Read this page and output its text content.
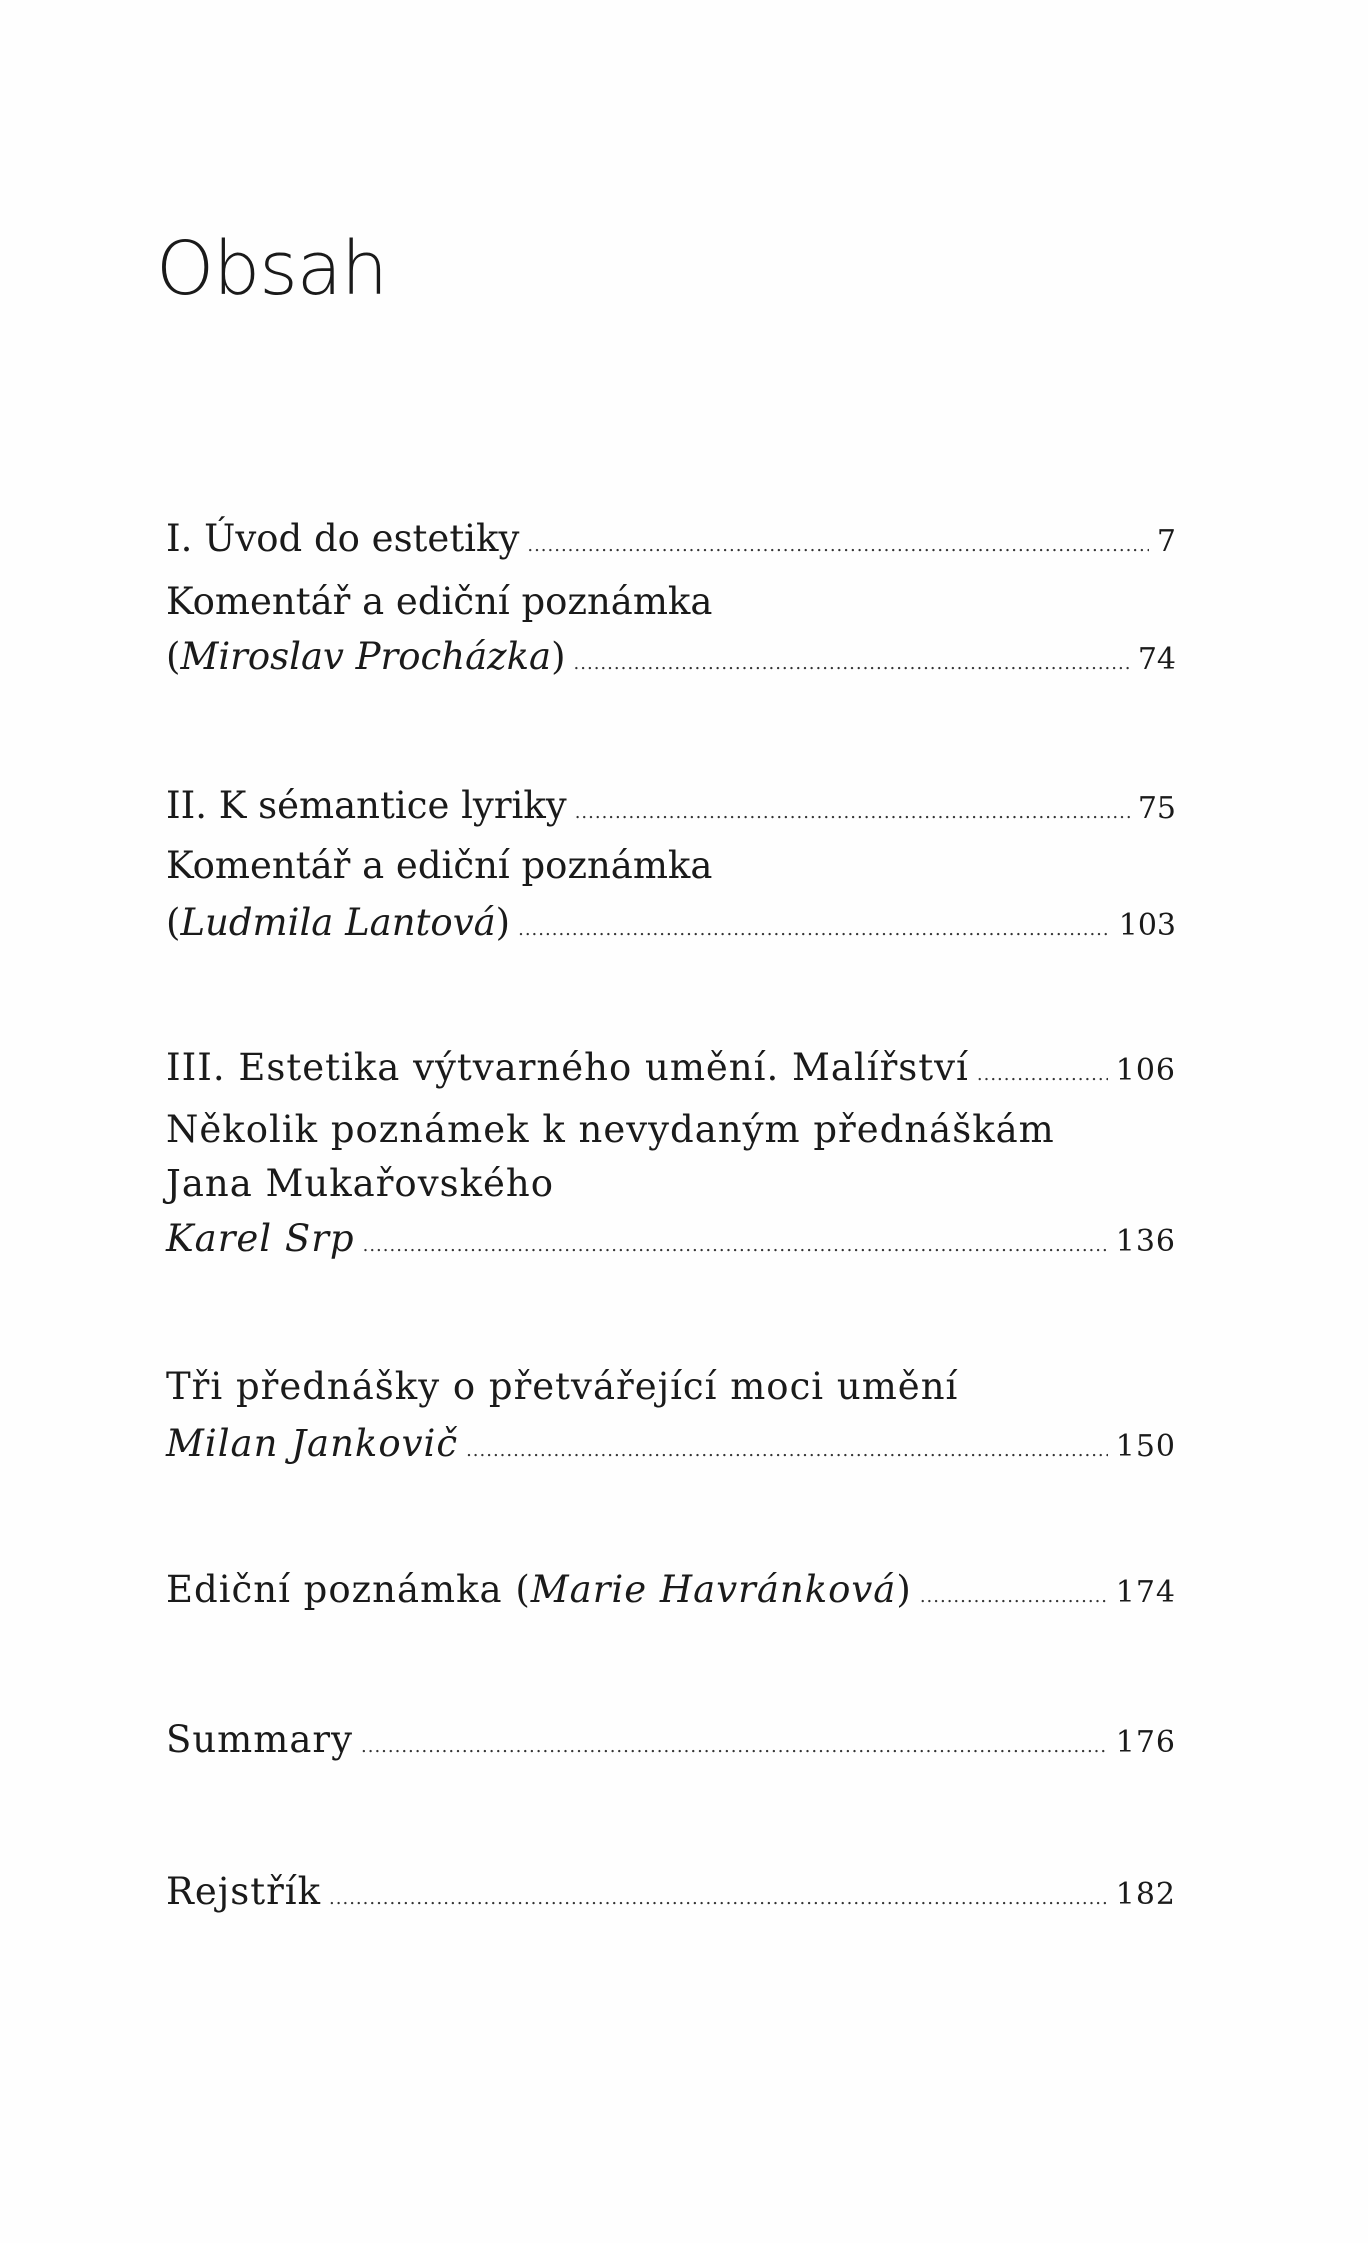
Obsah
I. Úvod do estetiky .....	7
Komentář a ediční poznámka
(Miroslav Procházka) .....	74
II. K sémantice lyriky .....	75
Komentář a ediční poznámka
(Ludmila Lantová) .....	103
III. Estetika výtvarného umění. Malířství .....	106
Několik poznámek k nevydaným přednáškám
Jana Mukařovského
Karel Srp .....	136
Tři přednášky o přetvářející moci umění
Milan Jankovič .....	150
Ediční poznámka (Marie Havránková) .....	174
Summary .....	176
Rejstřík .....	182
